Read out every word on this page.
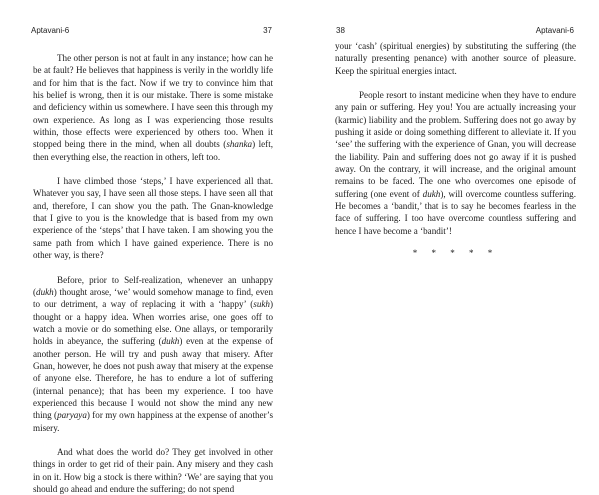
Aptavani-6	37

The other person is not at fault in any instance; how can he be at fault? He believes that happiness is verily in the worldly life and for him that is the fact. Now if we try to convince him that his belief is wrong, then it is our mistake. There is some mistake and deficiency within us somewhere. I have seen this through my own experience. As long as I was experiencing those results within, those effects were experienced by others too. When it stopped being there in the mind, when all doubts (shanka) left, then everything else, the reaction in others, left too.

I have climbed those ‘steps,’ I have experienced all that. Whatever you say, I have seen all those steps. I have seen all that and, therefore, I can show you the path. The Gnan-knowledge that I give to you is the knowledge that is based from my own experience of the ‘steps’ that I have taken. I am showing you the same path from which I have gained experience. There is no other way, is there?

Before, prior to Self-realization, whenever an unhappy (dukh) thought arose, ‘we’ would somehow manage to find, even to our detriment, a way of replacing it with a ‘happy’ (sukh) thought or a happy idea. When worries arise, one goes off to watch a movie or do something else. One allays, or temporarily holds in abeyance, the suffering (dukh) even at the expense of another person. He will try and push away that misery. After Gnan, however, he does not push away that misery at the expense of anyone else. Therefore, he has to endure a lot of suffering (internal penance); that has been my experience. I too have experienced this because I would not show the mind any new thing (paryaya) for my own happiness at the expense of another’s misery.

And what does the world do? They get involved in other things in order to get rid of their pain. Any misery and they cash in on it. How big a stock is there within? ‘We’ are saying that you should go ahead and endure the suffering; do not spend

38	Aptavani-6

your ‘cash’ (spiritual energies) by substituting the suffering (the naturally presenting penance) with another source of pleasure. Keep the spiritual energies intact.

People resort to instant medicine when they have to endure any pain or suffering. Hey you! You are actually increasing your (karmic) liability and the problem. Suffering does not go away by pushing it aside or doing something different to alleviate it. If you ‘see’ the suffering with the experience of Gnan, you will decrease the liability. Pain and suffering does not go away if it is pushed away. On the contrary, it will increase, and the original amount remains to be faced. The one who overcomes one episode of suffering (one event of dukh), will overcome countless suffering. He becomes a ‘bandit,’ that is to say he becomes fearless in the face of suffering. I too have overcome countless suffering and hence I have become a ‘bandit’!

* * * * *
